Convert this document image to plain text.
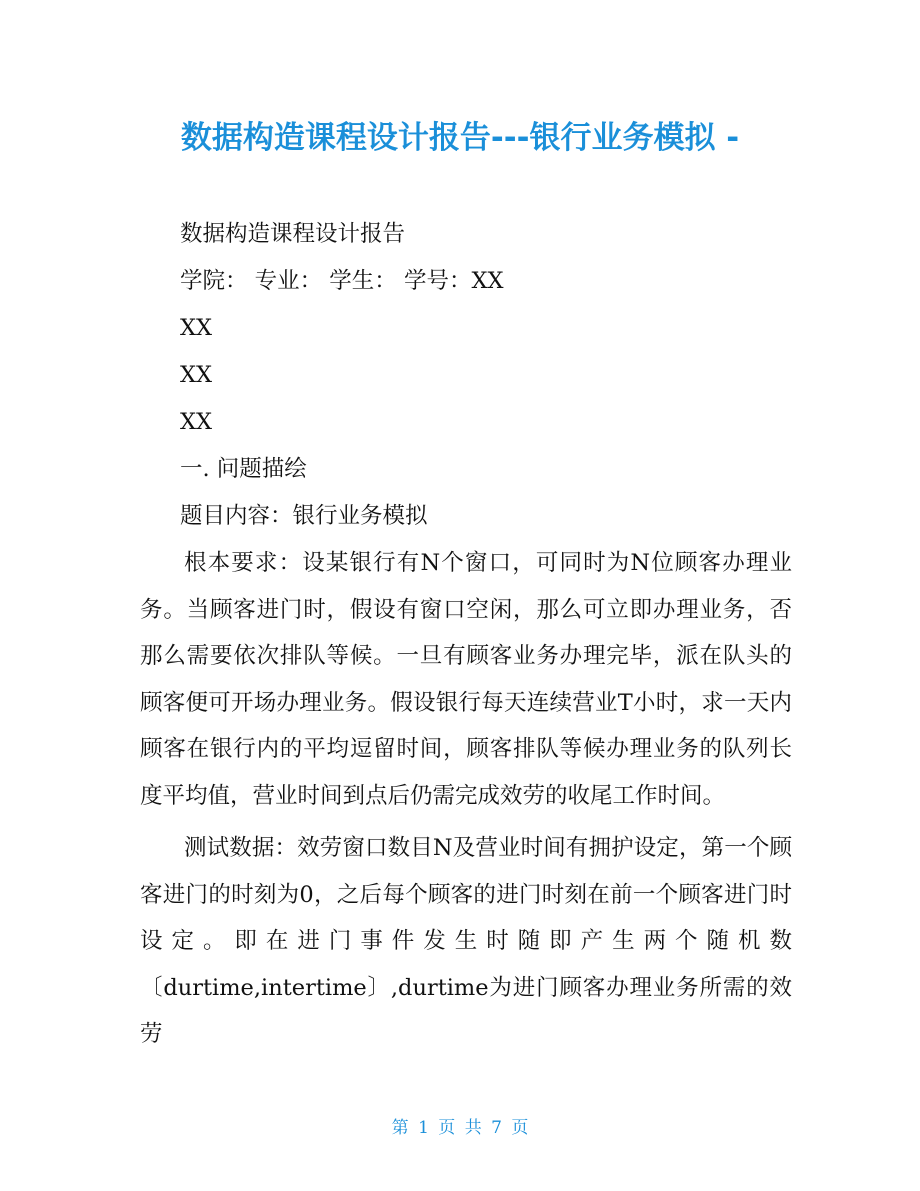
数据构造课程设计报告---银行业务模拟 -

数据构造课程设计报告

学院： 专业： 学生： 学号：XX

XX

XX

XX

一. 问题描绘

题目内容：银行业务模拟

根本要求：设某银行有N个窗口，可同时为N位顾客办理业务。当顾客进门时，假设有窗口空闲，那么可立即办理业务，否那么需要依次排队等候。一旦有顾客业务办理完毕，派在队头的顾客便可开场办理业务。假设银行每天连续营业T小时，求一天内顾客在银行内的平均逗留时间，顾客排队等候办理业务的队列长度平均值，营业时间到点后仍需完成效劳的收尾工作时间。

测试数据：效劳窗口数目N及营业时间有拥护设定，第一个顾客进门的时刻为0，之后每个顾客的进门时刻在前一个顾客进门时设定。即在进门事件发生时随即产生两个随机数〔durtime,intertime〕,durtime为进门顾客办理业务所需的效劳

第 1 页 共 7 页
